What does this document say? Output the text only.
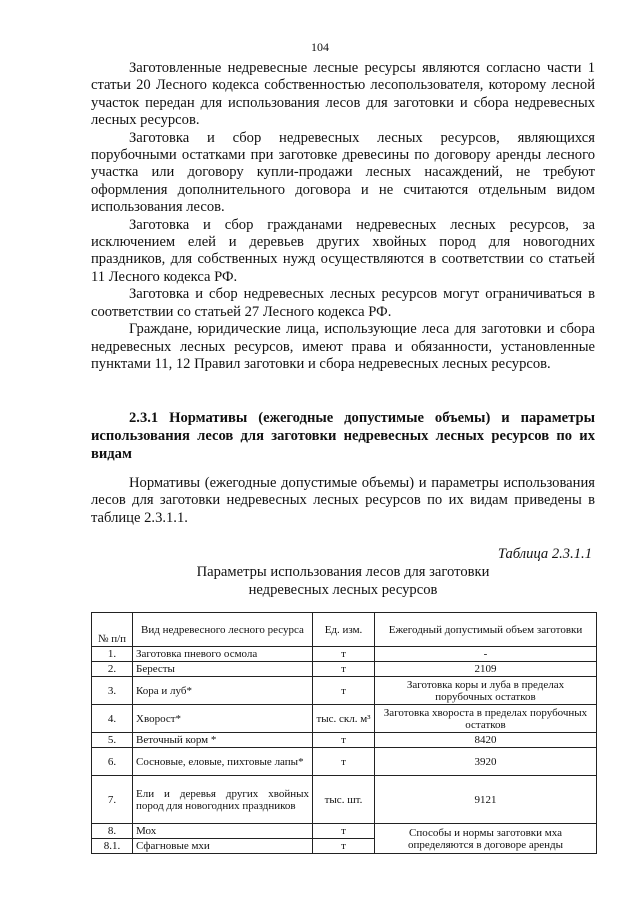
104

Заготовленные недревесные лесные ресурсы являются согласно части 1 статьи 20 Лесного кодекса собственностью лесопользователя, которому лесной участок передан для использования лесов для заготовки и сбора недревесных лесных ресурсов.

Заготовка и сбор недревесных лесных ресурсов, являющихся порубочными остатками при заготовке древесины по договору аренды лесного участка или договору купли-продажи лесных насаждений, не требуют оформления дополнительного договора и не считаются отдельным видом использования лесов.

Заготовка и сбор гражданами недревесных лесных ресурсов, за исключением елей и деревьев других хвойных пород для новогодних праздников, для собственных нужд осуществляются в соответствии со статьей 11 Лесного кодекса РФ.

Заготовка и сбор недревесных лесных ресурсов могут ограничиваться в соответствии со статьей 27 Лесного кодекса РФ.

Граждане, юридические лица, использующие леса для заготовки и сбора недревесных лесных ресурсов, имеют права и обязанности, установленные пунктами 11, 12 Правил заготовки и сбора недревесных лесных ресурсов.

2.3.1 Нормативы (ежегодные допустимые объемы) и параметры использования лесов для заготовки недревесных лесных ресурсов по их видам

Нормативы (ежегодные допустимые объемы) и параметры использования лесов для заготовки недревесных лесных ресурсов по их видам приведены в таблице 2.3.1.1.

Таблица 2.3.1.1
Параметры использования лесов для заготовки
недревесных лесных ресурсов
№ п/п	Вид недревесного лесного ресурса	Ед. изм.	Ежегодный допустимый объем заготовки
1.	Заготовка пневого осмола	т	-
2.	Бересты	т	2109
3.	Кора и луб*	т	Заготовка коры и луба в пределах порубочных остатков
4.	Хворост*	тыс. скл. м³	Заготовка хвороста в пределах порубочных остатков
5.	Веточный корм *	т	8420
6.	Сосновые, еловые, пихтовые лапы*	т	3920
7.	Ели и деревья других хвойных пород для новогодних праздников	тыс. шт.	9121
8.	Мох	т	Способы и нормы заготовки мха определяются в договоре аренды
8.1.	Сфагновые мхи	т	
